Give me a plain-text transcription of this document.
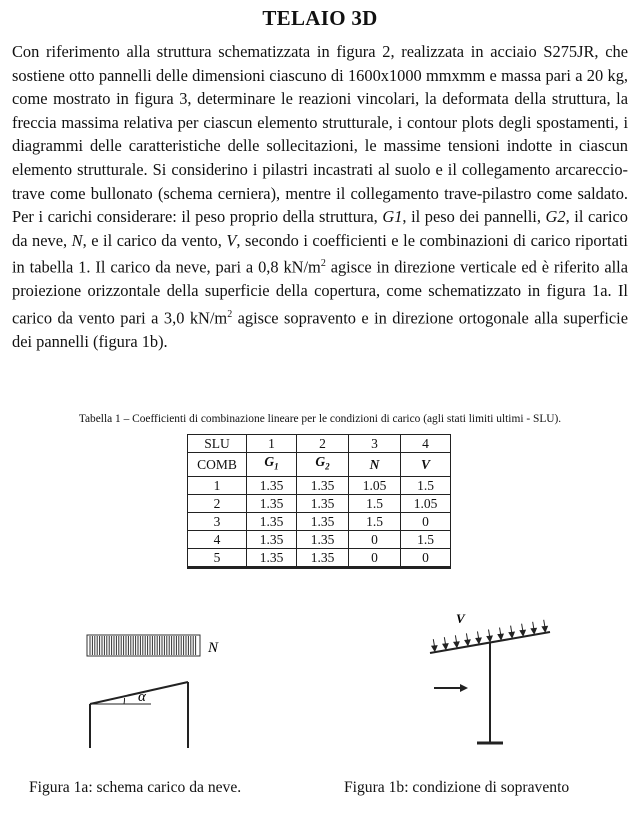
TELAIO 3D

Con riferimento alla struttura schematizzata in figura 2, realizzata in acciaio S275JR, che sostiene otto pannelli delle dimensioni ciascuno di 1600x1000 mmxmm e massa pari a 20 kg, come mostrato in figura 3, determinare le reazioni vincolari, la deformata della struttura, la freccia massima relativa per ciascun elemento strutturale, i contour plots degli spostamenti, i diagrammi delle caratteristiche delle sollecitazioni, le massime tensioni indotte in ciascun elemento strutturale. Si considerino i pilastri incastrati al suolo e il collegamento arcareccio-trave come bullonato (schema cerniera), mentre il collegamento trave-pilastro come saldato. Per i carichi considerare: il peso proprio della struttura, G1, il peso dei pannelli, G2, il carico da neve, N, e il carico da vento, V, secondo i coefficienti e le combinazioni di carico riportati in tabella 1. Il carico da neve, pari a 0,8 $kN/m^2$ agisce in direzione verticale ed è riferito alla proiezione orizzontale della superficie della copertura, come schematizzato in figura 1a. Il carico da vento pari a 3,0 $kN/m^2$ agisce sopravento e in direzione ortogonale alla superficie dei pannelli (figura 1b).

Tabella 1 – Coefficienti di combinazione lineare per le condizioni di carico (agli stati limiti ultimi - SLU).

SLU	1	2	3	4
COMB	$G_1$	$G_2$	N	V
1	1.35	1.35	1.05	1.5
2	1.35	1.35	1.5	1.05
3	1.35	1.35	1.5	0
4	1.35	1.35	0	1.5
5	1.35	1.35	0	0
N
α
V
Figura 1a: schema carico da neve.	Figura 1b: condizione di sopravento
